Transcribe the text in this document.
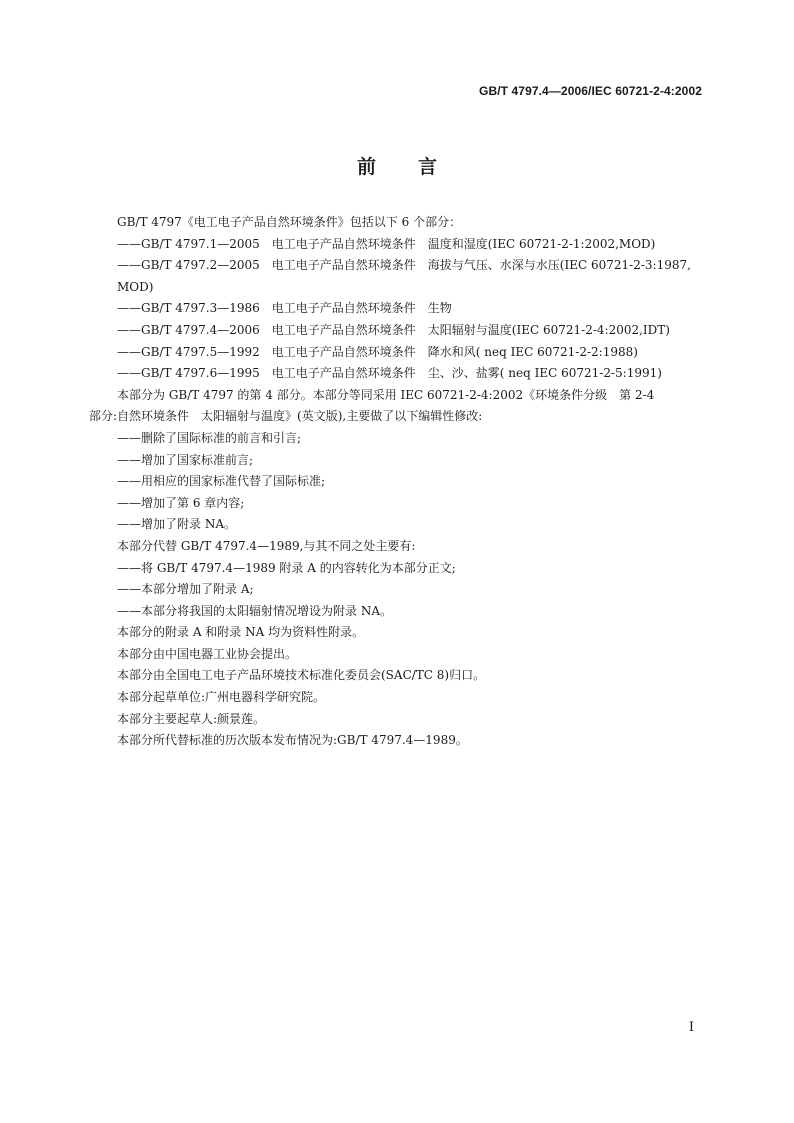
GB/T 4797.4—2006/IEC 60721-2-4:2002
前 言
GB/T 4797《电工电子产品自然环境条件》包括以下 6 个部分：
——GB/T 4797.1—2005　电工电子产品自然环境条件　温度和湿度(IEC 60721-2-1:2002,MOD)
——GB/T 4797.2—2005　电工电子产品自然环境条件　海拔与气压、水深与水压(IEC 60721-2-3:1987,
MOD)
——GB/T 4797.3—1986　电工电子产品自然环境条件　生物
——GB/T 4797.4—2006　电工电子产品自然环境条件　太阳辐射与温度(IEC 60721-2-4:2002,IDT)
——GB/T 4797.5—1992　电工电子产品自然环境条件　降水和风( neq IEC 60721-2-2:1988)
——GB/T 4797.6—1995　电工电子产品自然环境条件　尘、沙、盐雾( neq IEC 60721-2-5:1991)
本部分为 GB/T 4797 的第 4 部分。本部分等同采用 IEC 60721-2-4:2002《环境条件分级　第 2-4
部分:自然环境条件　太阳辐射与温度》(英文版),主要做了以下编辑性修改:
——删除了国际标准的前言和引言;
——增加了国家标准前言;
——用相应的国家标准代替了国际标准;
——增加了第 6 章内容;
——增加了附录 NA。
本部分代替 GB/T 4797.4—1989,与其不同之处主要有:
——将 GB/T 4797.4—1989 附录 A 的内容转化为本部分正文;
——本部分增加了附录 A;
——本部分将我国的太阳辐射情况增设为附录 NA。
本部分的附录 A 和附录 NA 均为资料性附录。
本部分由中国电器工业协会提出。
本部分由全国电工电子产品环境技术标准化委员会(SAC/TC 8)归口。
本部分起草单位:广州电器科学研究院。
本部分主要起草人:颜景莲。
本部分所代替标准的历次版本发布情况为:GB/T 4797.4—1989。
I
